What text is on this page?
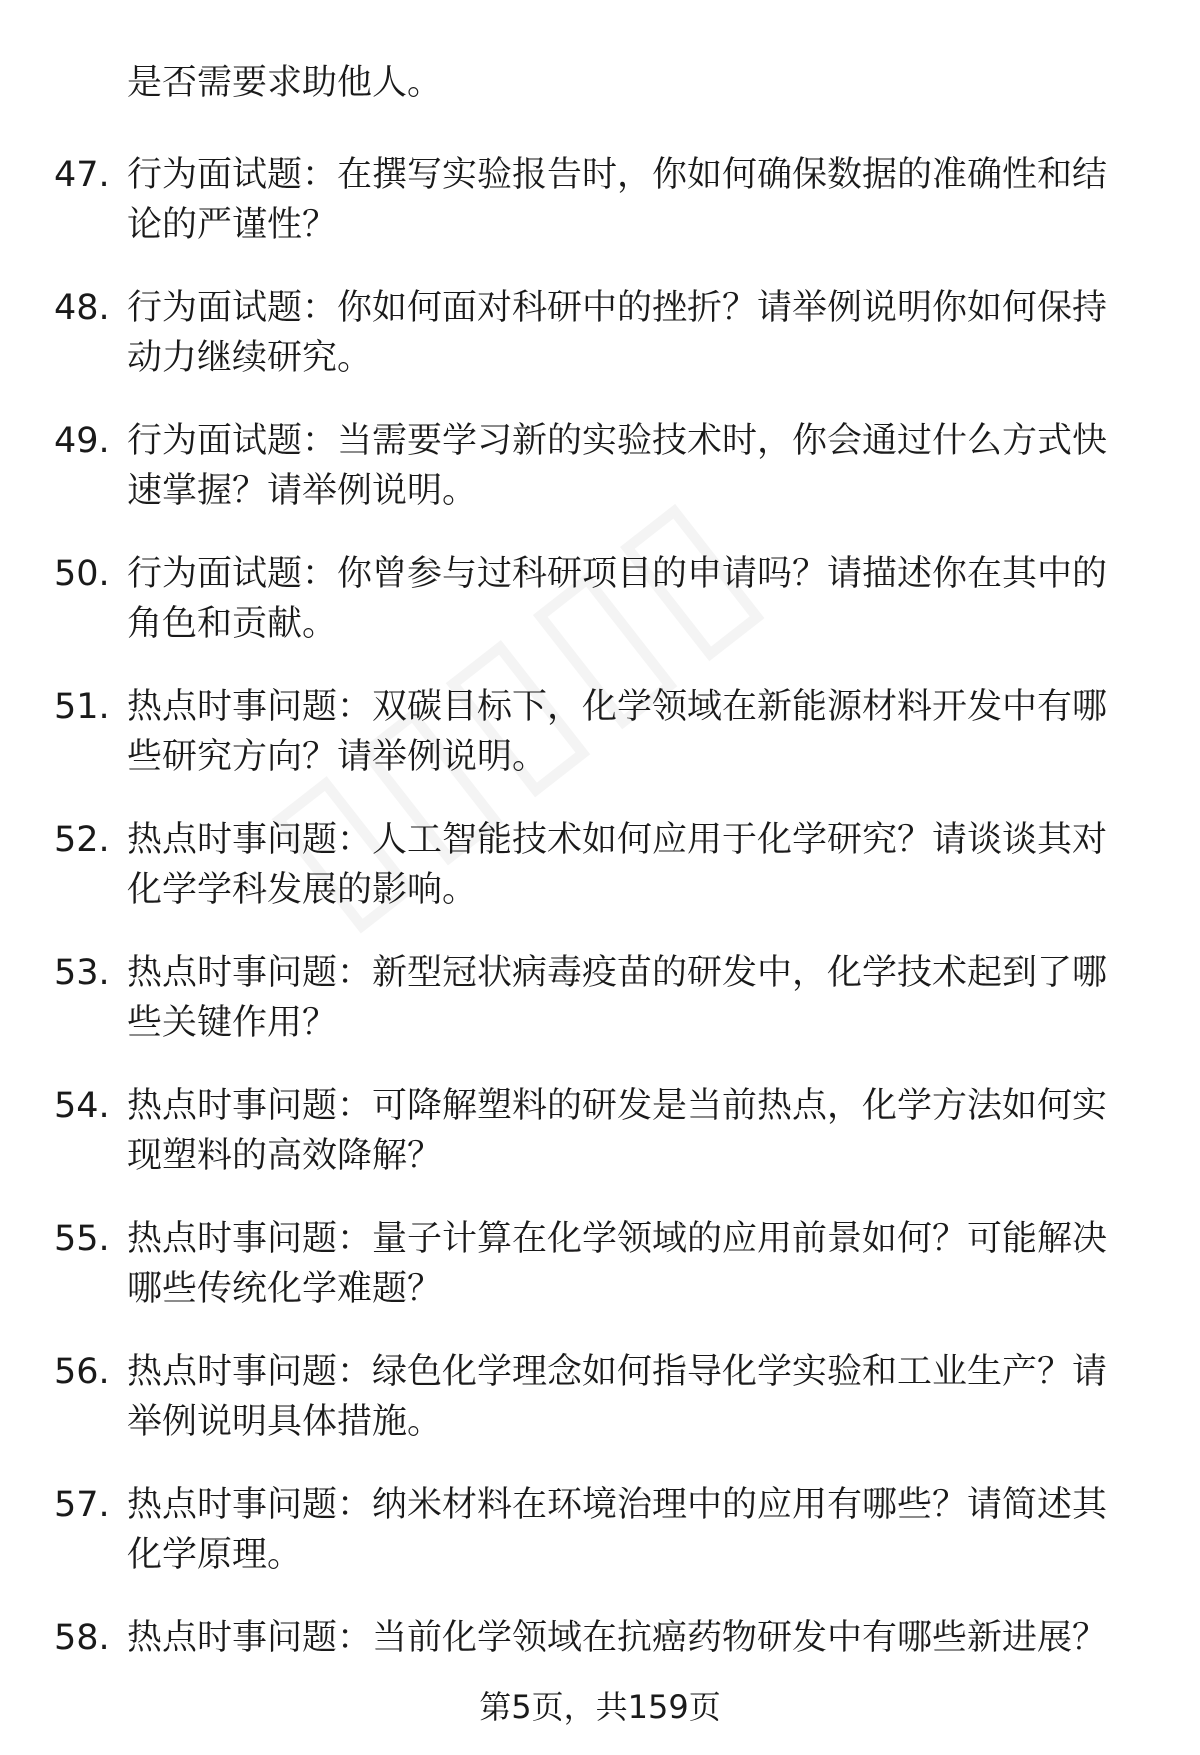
是否需要求助他人。
47. 行为面试题：在撰写实验报告时，你如何确保数据的准确性和结论的严谨性？
48. 行为面试题：你如何面对科研中的挫折？请举例说明你如何保持动力继续研究。
49. 行为面试题：当需要学习新的实验技术时，你会通过什么方式快速掌握？请举例说明。
50. 行为面试题：你曾参与过科研项目的申请吗？请描述你在其中的角色和贡献。
51. 热点时事问题：双碳目标下，化学领域在新能源材料开发中有哪些研究方向？请举例说明。
52. 热点时事问题：人工智能技术如何应用于化学研究？请谈谈其对化学学科发展的影响。
53. 热点时事问题：新型冠状病毒疫苗的研发中，化学技术起到了哪些关键作用？
54. 热点时事问题：可降解塑料的研发是当前热点，化学方法如何实现塑料的高效降解？
55. 热点时事问题：量子计算在化学领域的应用前景如何？可能解决哪些传统化学难题？
56. 热点时事问题：绿色化学理念如何指导化学实验和工业生产？请举例说明具体措施。
57. 热点时事问题：纳米材料在环境治理中的应用有哪些？请简述其化学原理。
58. 热点时事问题：当前化学领域在抗癌药物研发中有哪些新进展？
第5页，共159页
